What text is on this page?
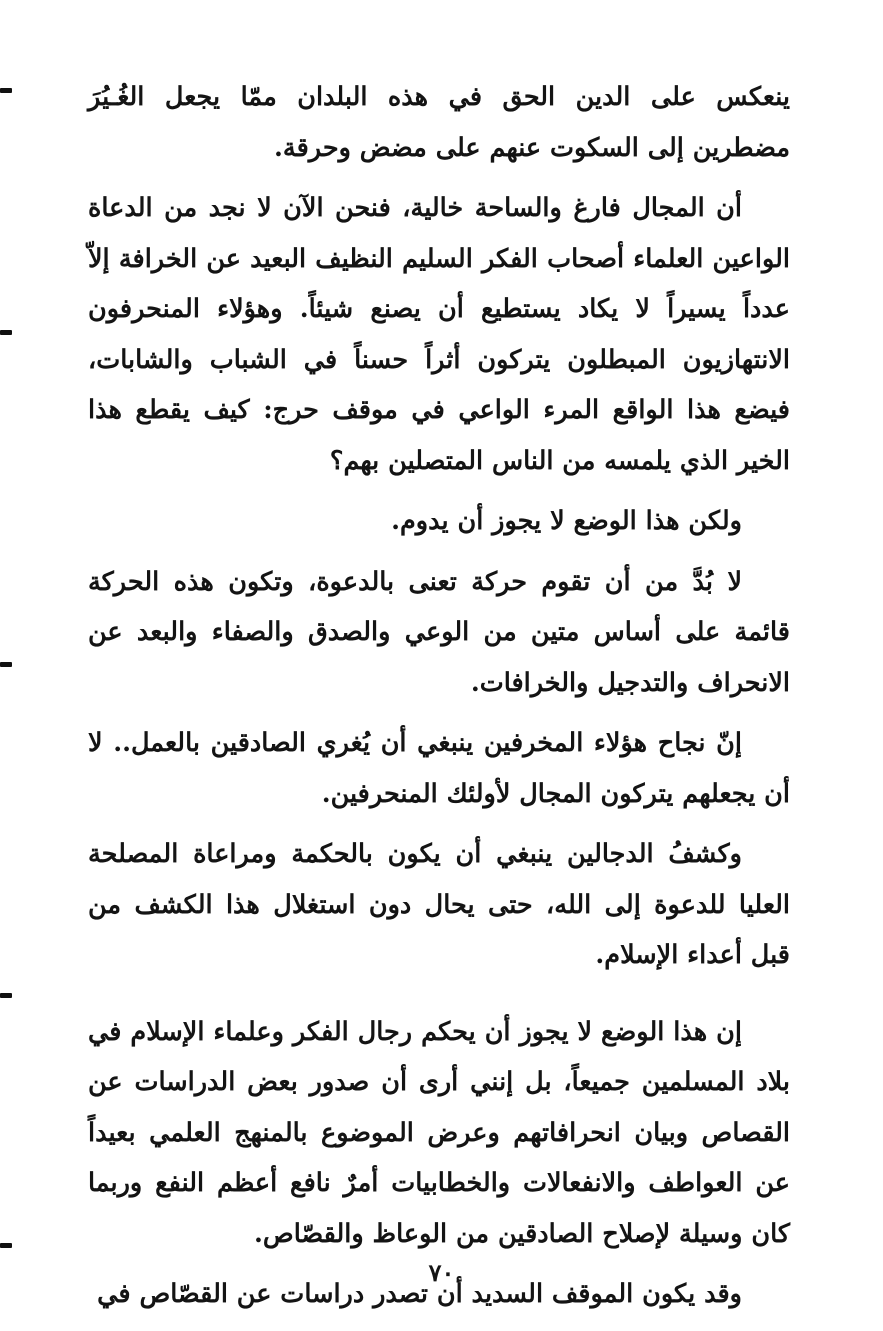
ينعكس على الدين الحق في هذه البلدان ممّا يجعل الغُـيُرَ مضطرين إلى السكوت عنهم على مضض وحرقة.

أن المجال فارغ والساحة خالية، فنحن الآن لا نجد من الدعاة الواعين العلماء أصحاب الفكر السليم النظيف البعيد عن الخرافة إلاّ عدداً يسيراً لا يكاد يستطيع أن يصنع شيئاً. وهؤلاء المنحرفون الانتهازيون المبطلون يتركون أثراً حسناً في الشباب والشابات، فيضع هذا الواقع المرء الواعي في موقف حرج: كيف يقطع هذا الخير الذي يلمسه من الناس المتصلين بهم؟

ولكن هذا الوضع لا يجوز أن يدوم.

لا بُدَّ من أن تقوم حركة تعنى بالدعوة، وتكون هذه الحركة قائمة على أساس متين من الوعي والصدق والصفاء والبعد عن الانحراف والتدجيل والخرافات.

إنّ نجاح هؤلاء المخرفين ينبغي أن يُغري الصادقين بالعمل.. لا أن يجعلهم يتركون المجال لأولئك المنحرفين.

وكشفُ الدجالين ينبغي أن يكون بالحكمة ومراعاة المصلحة العليا للدعوة إلى الله، حتى يحال دون استغلال هذا الكشف من قبل أعداء الإسلام.

إن هذا الوضع لا يجوز أن يحكم رجال الفكر وعلماء الإسلام في بلاد المسلمين جميعاً، بل إنني أرى أن صدور بعض الدراسات عن القصاص وبيان انحرافاتهم وعرض الموضوع بالمنهج العلمي بعيداً عن العواطف والانفعالات والخطابيات أمرٌ نافع أعظم النفع وربما كان وسيلة لإصلاح الصادقين من الوعاظ والقصّاص.

وقد يكون الموقف السديد أن تصدر دراسات عن القصّاص في

٧٠
